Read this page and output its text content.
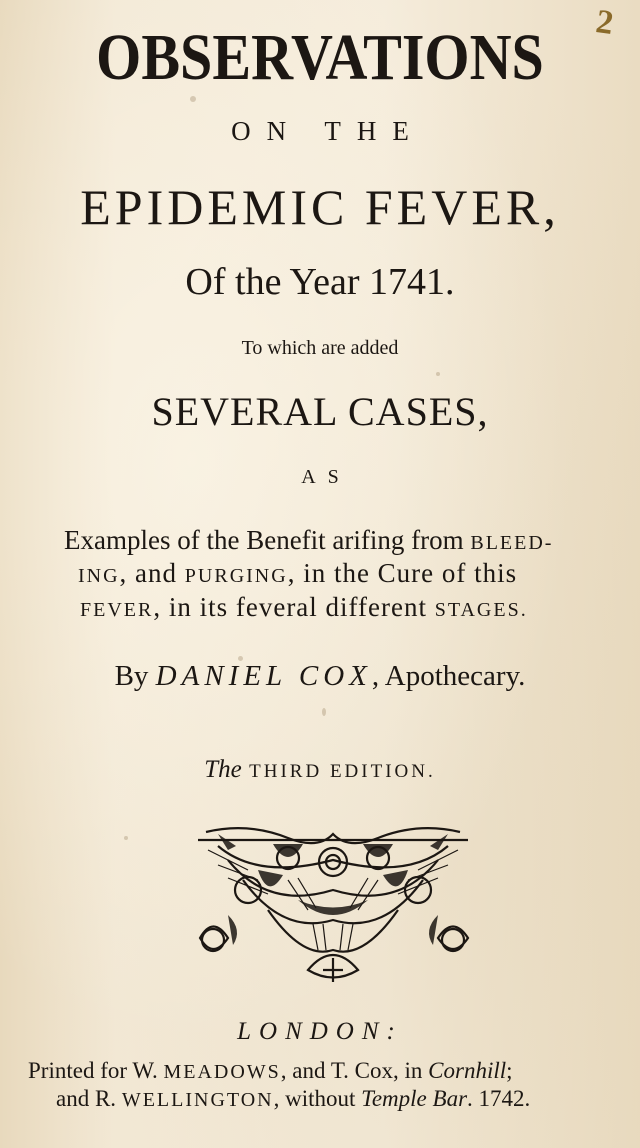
2
OBSERVATIONS
ON THE
EPIDEMIC FEVER,
Of the Year 1741.
To which are added
SEVERAL CASES,
AS
Examples of the Benefit arifing from BLEED-
ING, and PURGING, in the Cure of this
FEVER, in its feveral different STAGES.
By DANIEL COX, Apothecary.
The THIRD EDITION.
LONDON:
Printed for W. MEADOWS, and T. Cox, in Cornhill;
and R. WELLINGTON, without Temple Bar. 1742.
